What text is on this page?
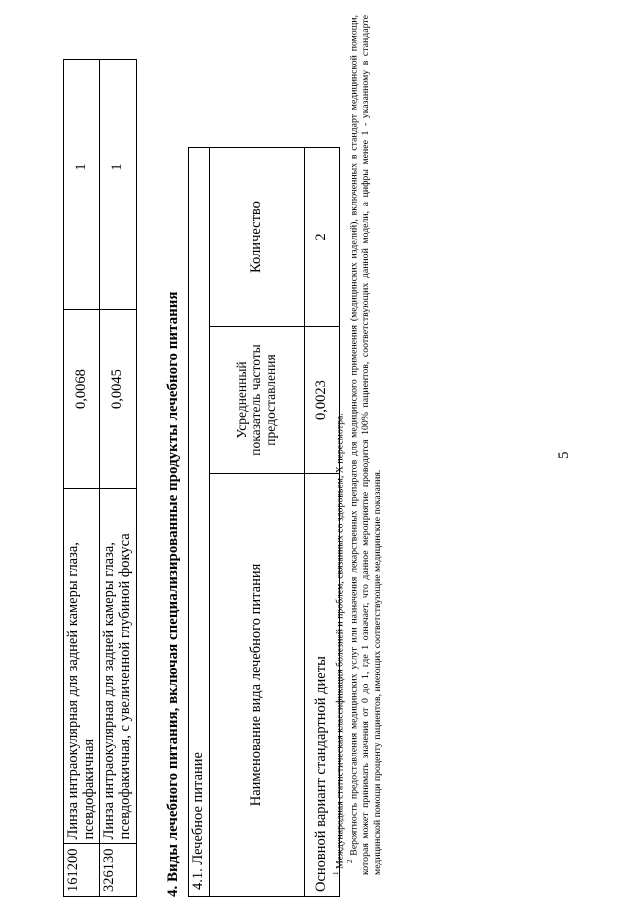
5
161200	Линза интраокулярная для задней камеры глаза, псевдофакичная	0,0068	1
326130	Линза интраокулярная для задней камеры глаза, псевдофакичная, с увеличенной глубиной фокуса	0,0045	1
4. Виды лечебного питания, включая специализированные продукты лечебного питания 4.1. Лечебное питание		
Наименование вида лечебного питания	Усредненный показатель частоты предоставления	Количество
Основной вариант стандартной диеты	0,0023	2

$^1$ Международная статистическая классификация болезней и проблем, связанных со здоровьем, X пересмотра. $^2$ Вероятность предоставления медицинских услуг или назначения лекарственных препаратов для медицинского применения (медицинских изделий), включенных в стандарт медицинской помощи, которая может принимать значения от 0 до 1, где 1 означает, что данное мероприятие проводится 100% пациентов, соответствующих данной модели, а цифры менее 1 - указанному в стандарте медицинской помощи проценту пациентов, имеющих соответствующие медицинские показания.
